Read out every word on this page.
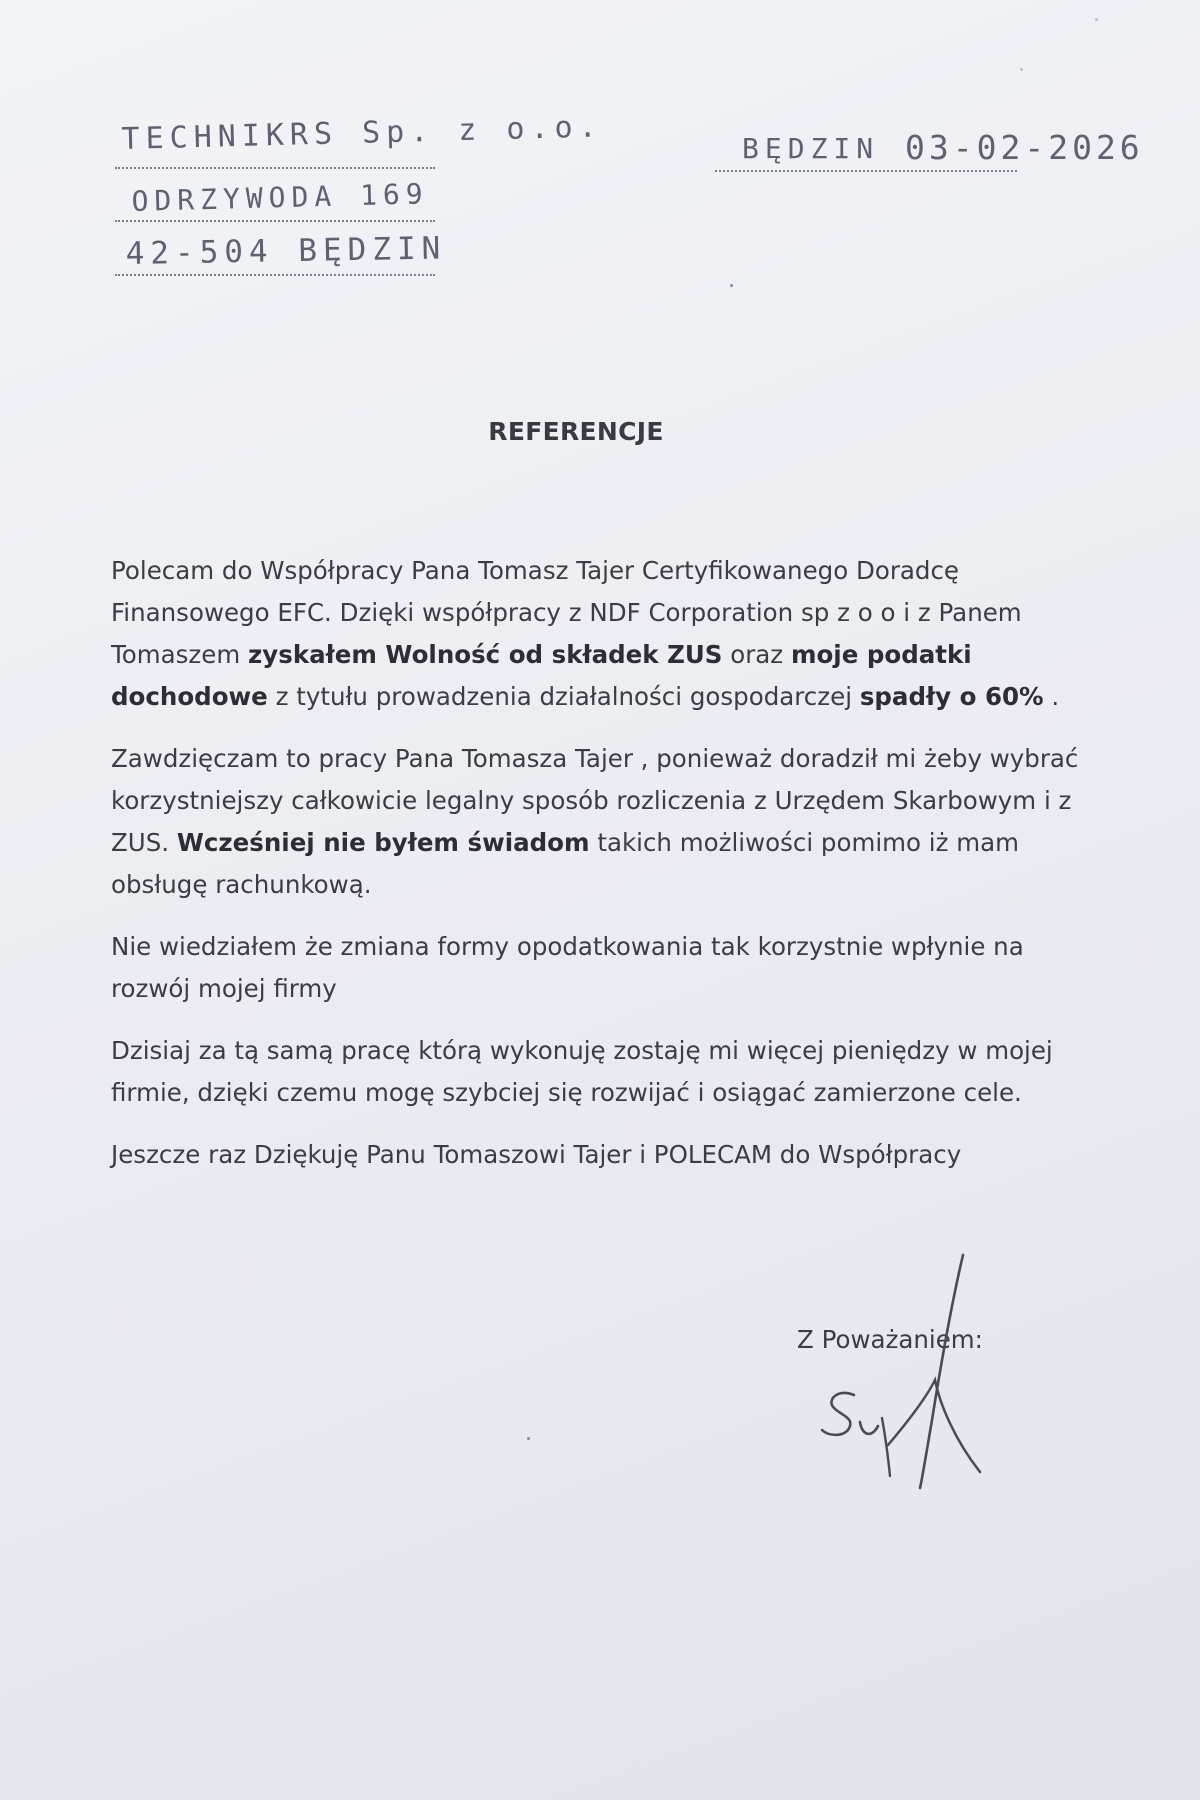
TECHNIKRS Sp. z o.o.
ODRZYWODA 169
42-504 BĘDZIN
BĘDZIN 03-02-2026
REFERENCJE

Polecam do Współpracy Pana Tomasz Tajer Certyfikowanego Doradcę Finansowego EFC. Dzięki współpracy z NDF Corporation sp z o o i z Panem Tomaszem zyskałem Wolność od składek ZUS oraz moje podatki dochodowe z tytułu prowadzenia działalności gospodarczej spadły o 60% .

Zawdzięczam to pracy Pana Tomasza Tajer , ponieważ doradził mi żeby wybrać korzystniejszy całkowicie legalny sposób rozliczenia z Urzędem Skarbowym i z ZUS. Wcześniej nie byłem świadom takich możliwości pomimo iż mam obsługę rachunkową.

Nie wiedziałem że zmiana formy opodatkowania tak korzystnie wpłynie na rozwój mojej firmy

Dzisiaj za tą samą pracę którą wykonuję zostaję mi więcej pieniędzy w mojej firmie, dzięki czemu mogę szybciej się rozwijać i osiągać zamierzone cele.

Jeszcze raz Dziękuję Panu Tomaszowi Tajer i POLECAM do Współpracy

Z Poważaniem:
